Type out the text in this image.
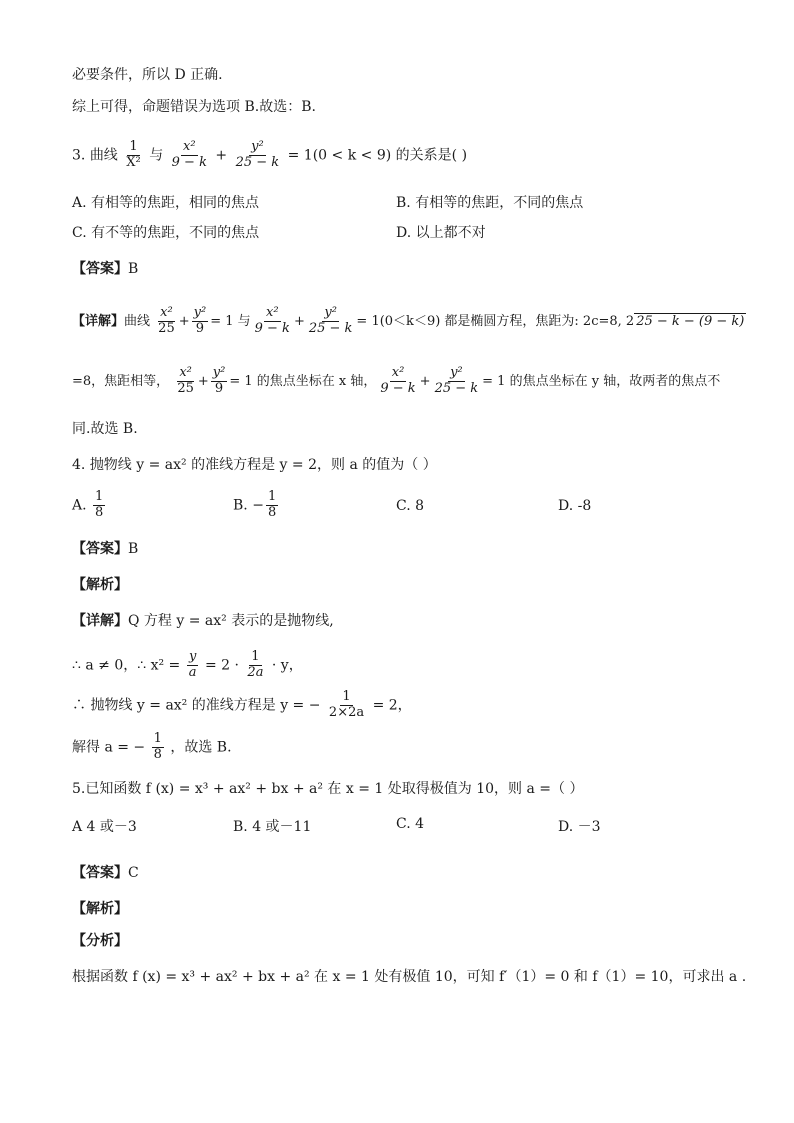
必要条件，所以 D 正确.
综上可得，命题错误为选项 B.故选：B.
3. 曲线 $\frac{1}{\text{X²}}$ 与 $\frac{\text{x²}}{9 - k} + \frac{\text{y²}}{25 - k} = 1(0 < k < 9)$ 的关系是( )
A. 有相等的焦距，相同的焦点	B. 有相等的焦距，不同的焦点
C. 有不等的焦距，不同的焦点	D. 以上都不对
【答案】B
【详解】曲线 $\frac{\text{x²}}{25} + \frac{\text{y²}}{9} = 1$ 与 $\frac{\text{x²}}{9 - k} + \frac{\text{y²}}{25 - k} = 1(0<k<9)$ 都是椭圆方程，焦距为: 2c=8, 2 25 − k − (9 − k)
=8，焦距相等， $\frac{\text{x²}}{25} + \frac{\text{y²}}{9} = 1$ 的焦点坐标在 x 轴， $\frac{\text{x²}}{9 - k} + \frac{\text{y²}}{25 - k} = 1$ 的焦点坐标在 y 轴，故两者的焦点不
同.故选 B.
4. 抛物线 y = ax² 的准线方程是 y = 2，则 a 的值为（ ）
A. $\frac{1}{8}$	B. − $\frac{1}{8}$	C. 8	D. -8
【答案】B
【解析】
【详解】Q 方程 y = ax² 表示的是抛物线,
∴ a ≠ 0，∴ $x^2 = \frac{y}{a} = 2 \cdot \frac{1}{2a} \cdot y$，
∴ 抛物线 y = ax² 的准线方程是 y = − $\frac{1}{2\times 2a} = 2$，
解得 a = − $\frac{1}{8}$ ，故选 B.
5.已知函数 f (x) = x³ + ax² + bx + a² 在 x = 1 处取得极值为 10，则 a =（ ）
A 4 或－3	B. 4 或－11	C. 4	D. －3
【答案】C
【解析】
【分析】
根据函数 f (x) = x³ + ax² + bx + a² 在 x = 1 处有极值 10，可知 f′（1）= 0 和 f（1）= 10，可求出 a .
